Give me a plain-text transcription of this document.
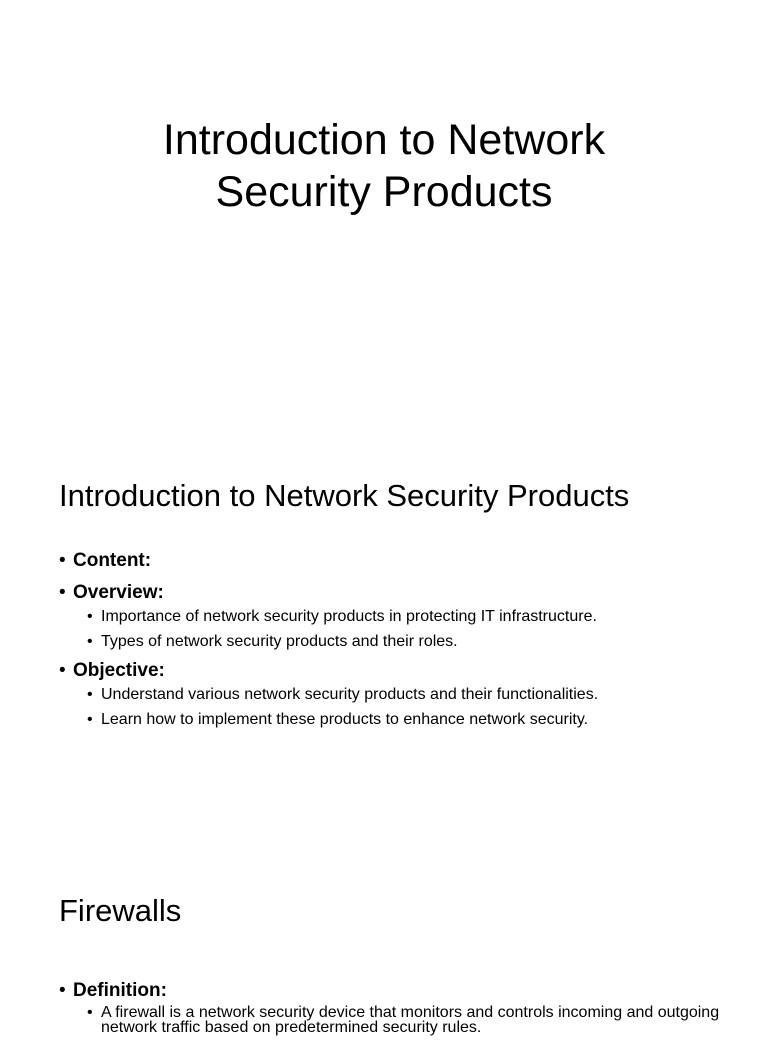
Introduction to Network
Security Products
Introduction to Network Security Products
• Content:
• Overview:
• Importance of network security products in protecting IT infrastructure.
• Types of network security products and their roles.
• Objective:
• Understand various network security products and their functionalities.
• Learn how to implement these products to enhance network security.
Firewalls
• Definition:
• A firewall is a network security device that monitors and controls incoming and outgoing network traffic based on predetermined security rules.
